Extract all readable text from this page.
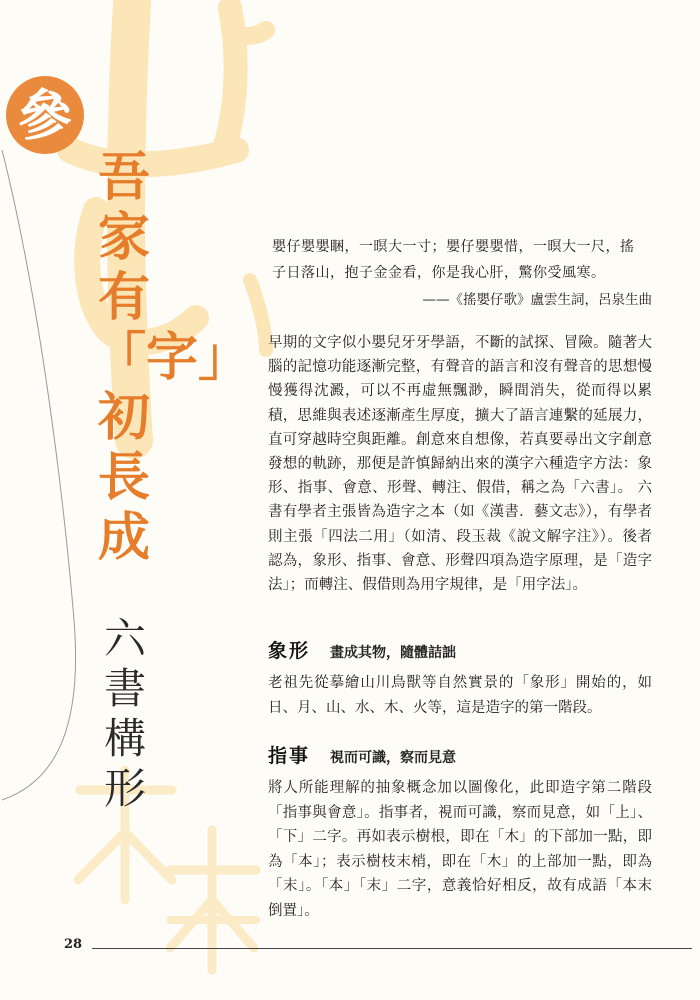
參
吾家有「字」初長成
六書構形
嬰仔嬰嬰睏，一暝大一寸；嬰仔嬰嬰惜，一暝大一尺，搖
子日落山，抱子金金看，你是我心肝，驚你受風寒。
——《搖嬰仔歌》盧雲生詞，呂泉生曲
早期的文字似小嬰兒牙牙學語，不斷的試探、冒險。隨著大腦的記憶功能逐漸完整，有聲音的語言和沒有聲音的思想慢慢獲得沈澱，可以不再虛無飄渺，瞬間消失，從而得以累積，思維與表述逐漸產生厚度，擴大了語言連繫的延展力，直可穿越時空與距離。創意來自想像，若真要尋出文字創意發想的軌跡，那便是許慎歸納出來的漢字六種造字方法：象形、指事、會意、形聲、轉注、假借，稱之為「六書」。 六書有學者主張皆為造字之本（如《漢書．藝文志》），有學者則主張「四法二用」（如清、段玉裁《說文解字注》）。後者認為，象形、指事、會意、形聲四項為造字原理，是「造字法」；而轉注、假借則為用字規律，是「用字法」。
象形 畫成其物，隨體詰詘
老祖先從摹繪山川鳥獸等自然實景的「象形」開始的，如日、月、山、水、木、火等，這是造字的第一階段。
指事 視而可識，察而見意
將人所能理解的抽象概念加以圖像化，此即造字第二階段「指事與會意」。指事者，視而可識，察而見意，如「上」、「下」二字。再如表示樹根，即在「木」的下部加一點，即為「本」；表示樹枝末梢，即在「木」的上部加一點，即為「末」。「本」「末」二字，意義恰好相反，故有成語「本末倒置」。
28
